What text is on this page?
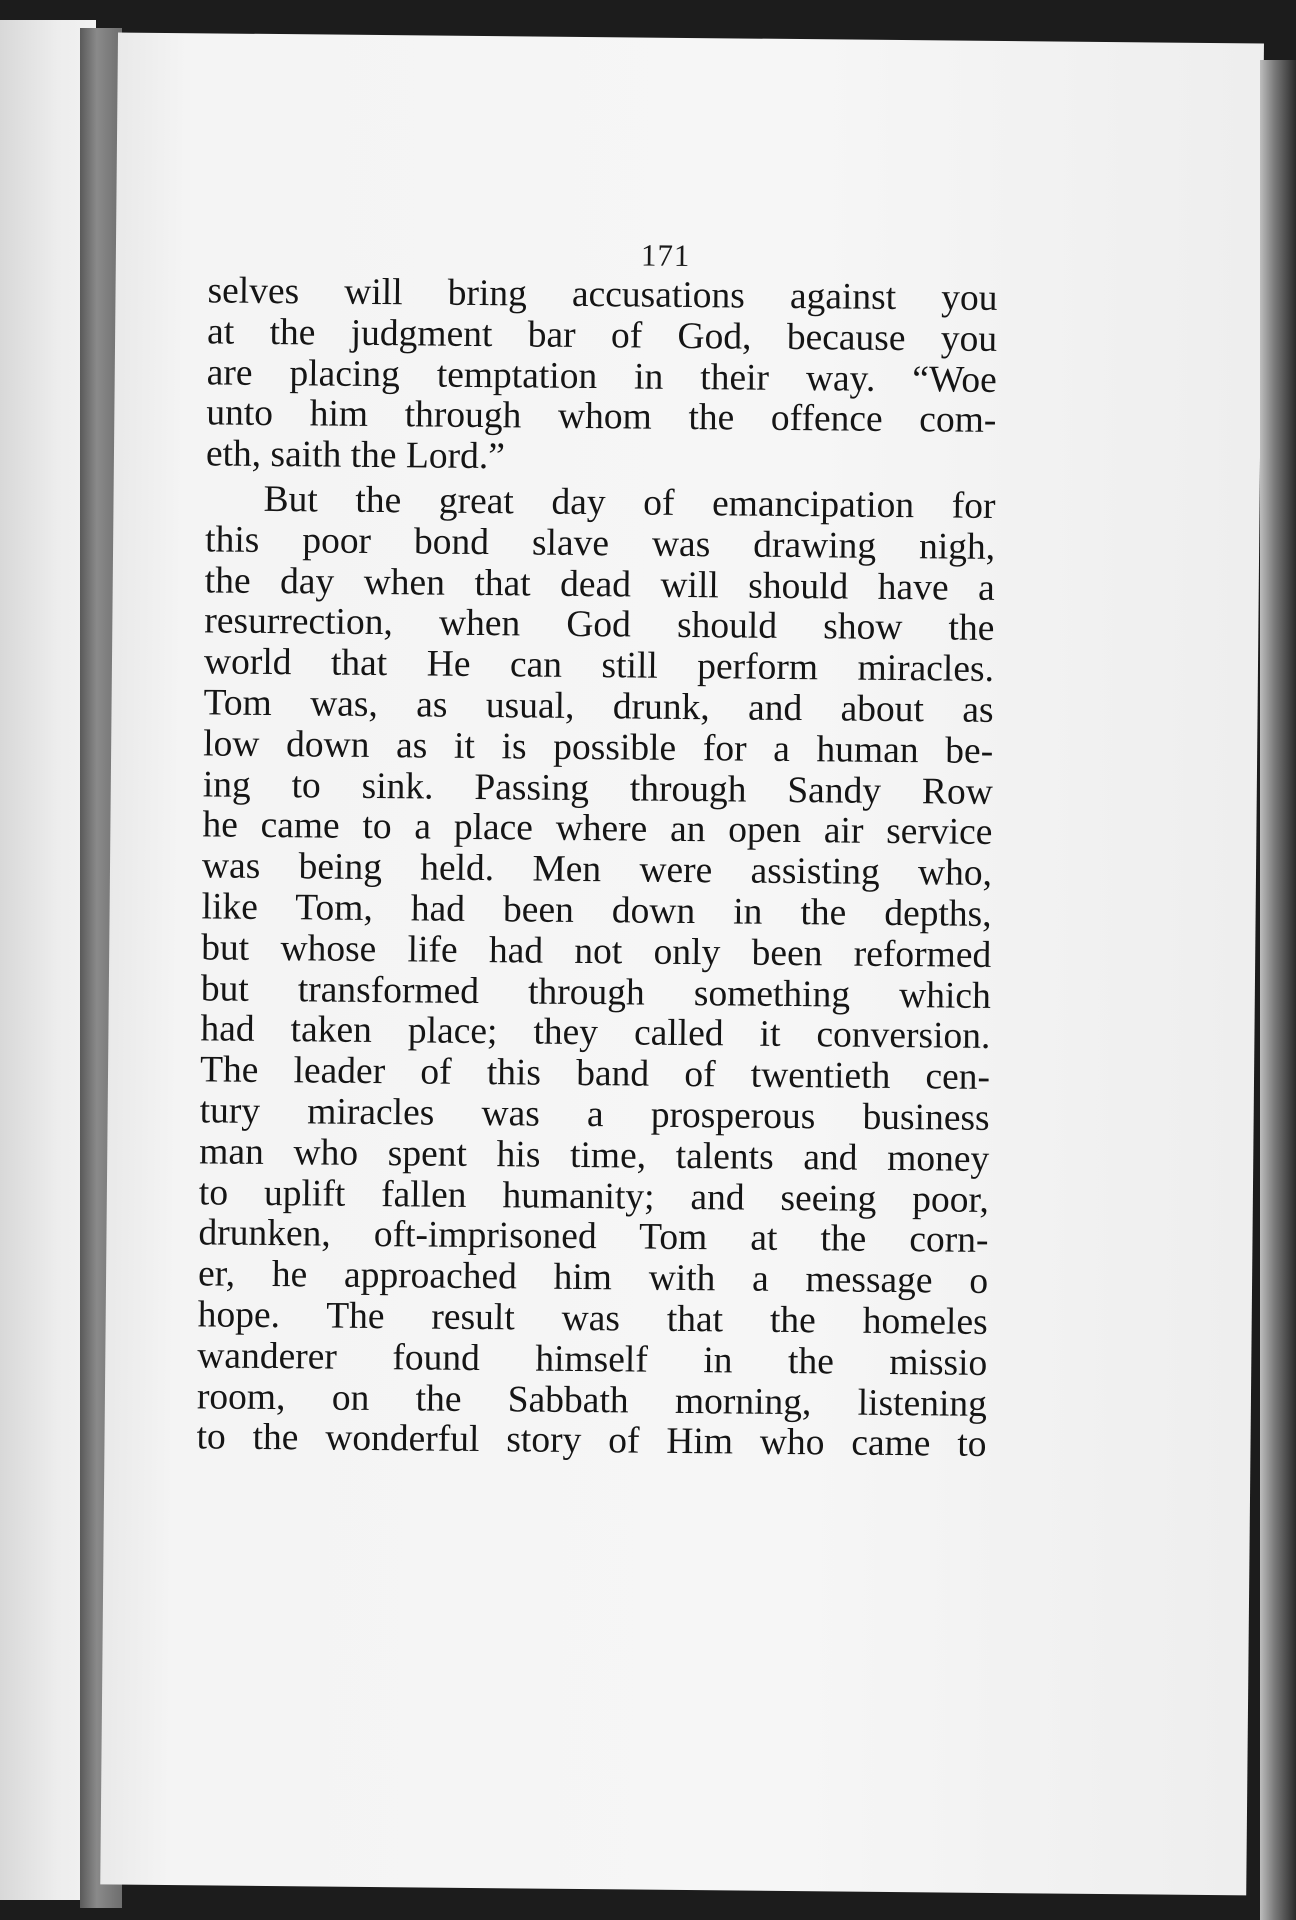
171
selves will bring accusations against you
at the judgment bar of God, because you
are placing temptation in their way. “Woe
unto him through whom the offence com-
eth, saith the Lord.”
But the great day of emancipation for
this poor bond slave was drawing nigh,
the day when that dead will should have a
resurrection, when God should show the
world that He can still perform miracles.
Tom was, as usual, drunk, and about as
low down as it is possible for a human be-
ing to sink. Passing through Sandy Row
he came to a place where an open air service
was being held. Men were assisting who,
like Tom, had been down in the depths,
but whose life had not only been reformed
but transformed through something which
had taken place; they called it conversion.
The leader of this band of twentieth cen-
tury miracles was a prosperous business
man who spent his time, talents and money
to uplift fallen humanity; and seeing poor,
drunken, oft-imprisoned Tom at the corn-
er, he approached him with a message o
hope. The result was that the homeles
wanderer found himself in the missio
room, on the Sabbath morning, listening
to the wonderful story of Him who came to
